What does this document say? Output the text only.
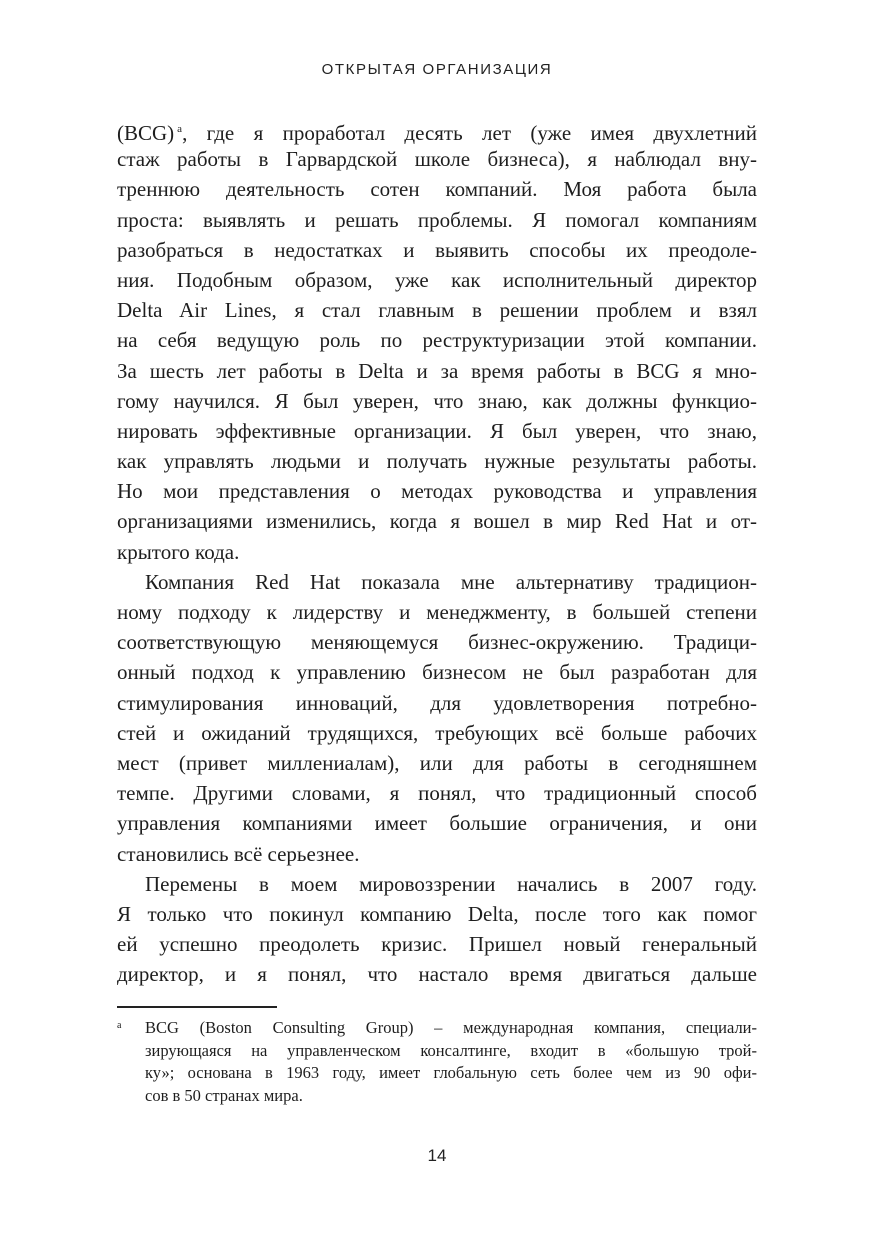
ОТКРЫТАЯ ОРГАНИЗАЦИЯ
(BCG) $^a$, где я проработал десять лет (уже имея двухлетний
стаж работы в Гарвардской школе бизнеса), я наблюдал вну-
треннюю деятельность сотен компаний. Моя работа была
проста: выявлять и решать проблемы. Я помогал компаниям
разобраться в недостатках и выявить способы их преодоле-
ния. Подобным образом, уже как исполнительный директор
Delta Air Lines, я стал главным в решении проблем и взял
на себя ведущую роль по реструктуризации этой компании.
За шесть лет работы в Delta и за время работы в BCG я мно-
гому научился. Я был уверен, что знаю, как должны функцио-
нировать эффективные организации. Я был уверен, что знаю,
как управлять людьми и получать нужные результаты работы.
Но мои представления о методах руководства и управления
организациями изменились, когда я вошел в мир Red Hat и от-
крытого кода.
Компания Red Hat показала мне альтернативу традицион-
ному подходу к лидерству и менеджменту, в большей степени
соответствующую меняющемуся бизнес-окружению. Традици-
онный подход к управлению бизнесом не был разработан для
стимулирования инноваций, для удовлетворения потребно-
стей и ожиданий трудящихся, требующих всё больше рабочих
мест (привет миллениалам), или для работы в сегодняшнем
темпе. Другими словами, я понял, что традиционный способ
управления компаниями имеет большие ограничения, и они
становились всё серьезнее.
Перемены в моем мировоззрении начались в 2007 году.
Я только что покинул компанию Delta, после того как помог
ей успешно преодолеть кризис. Пришел новый генеральный
директор, и я понял, что настало время двигаться дальше
a BCG (Boston Consulting Group) – международная компания, специали-
зирующаяся на управленческом консалтинге, входит в «большую трой-
ку»; основана в 1963 году, имеет глобальную сеть более чем из 90 офи-
сов в 50 странах мира.
14
